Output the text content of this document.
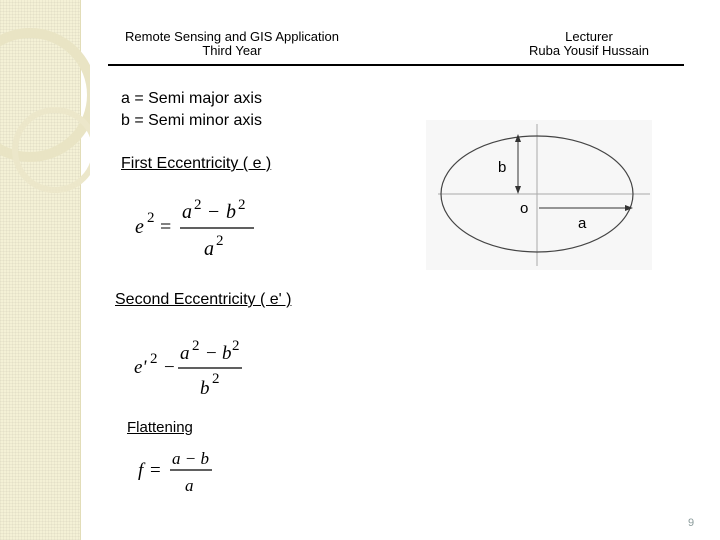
Remote Sensing and GIS Application
Third Year
Lecturer
Ruba Yousif Hussain
a = Semi major axis
b = Semi minor axis
First Eccentricity ( e )
e 2 =
a 2 − b 2
a 2
b
o
a
Second Eccentricity ( e' )
e' 2 −
a 2 − b 2
b 2
Flattening
f =
a − b
a
9
